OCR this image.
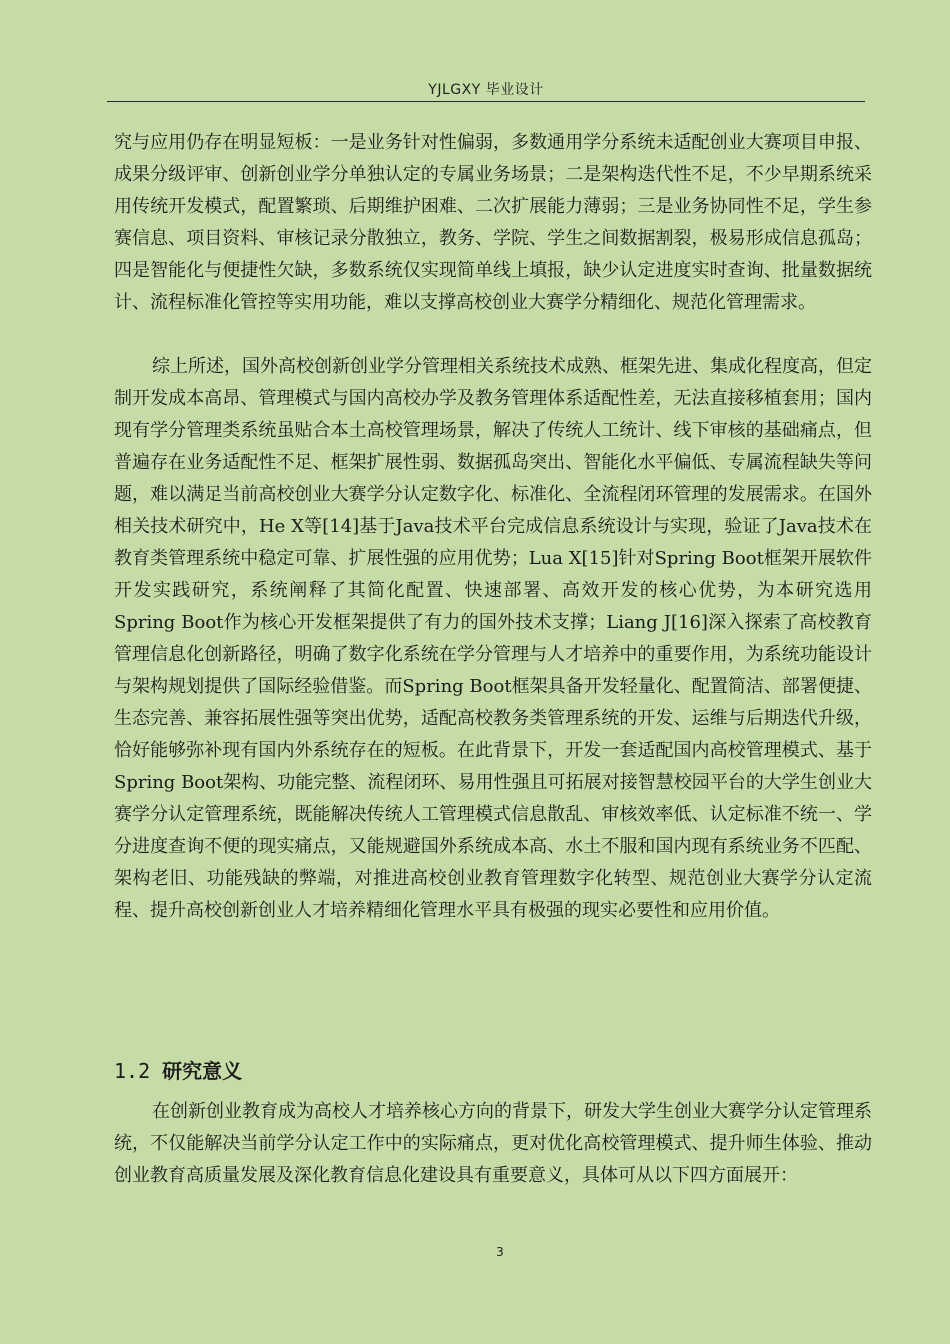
YJLGXY 毕业设计

究与应用仍存在明显短板：一是业务针对性偏弱，多数通用学分系统未适配创业大赛项目申报、成果分级评审、创新创业学分单独认定的专属业务场景；二是架构迭代性不足，不少早期系统采用传统开发模式，配置繁琐、后期维护困难、二次扩展能力薄弱；三是业务协同性不足，学生参赛信息、项目资料、审核记录分散独立，教务、学院、学生之间数据割裂，极易形成信息孤岛；四是智能化与便捷性欠缺，多数系统仅实现简单线上填报，缺少认定进度实时查询、批量数据统计、流程标准化管控等实用功能，难以支撑高校创业大赛学分精细化、规范化管理需求。

综上所述，国外高校创新创业学分管理相关系统技术成熟、框架先进、集成化程度高，但定制开发成本高昂、管理模式与国内高校办学及教务管理体系适配性差，无法直接移植套用；国内现有学分管理类系统虽贴合本土高校管理场景，解决了传统人工统计、线下审核的基础痛点，但普遍存在业务适配性不足、框架扩展性弱、数据孤岛突出、智能化水平偏低、专属流程缺失等问题，难以满足当前高校创业大赛学分认定数字化、标准化、全流程闭环管理的发展需求。在国外相关技术研究中，He X等[14]基于Java技术平台完成信息系统设计与实现，验证了Java技术在教育类管理系统中稳定可靠、扩展性强的应用优势；Lua X[15]针对Spring Boot框架开展软件开发实践研究，系统阐释了其简化配置、快速部署、高效开发的核心优势，为本研究选用Spring Boot作为核心开发框架提供了有力的国外技术支撑；Liang J[16]深入探索了高校教育管理信息化创新路径，明确了数字化系统在学分管理与人才培养中的重要作用，为系统功能设计与架构规划提供了国际经验借鉴。而Spring Boot框架具备开发轻量化、配置简洁、部署便捷、生态完善、兼容拓展性强等突出优势，适配高校教务类管理系统的开发、运维与后期迭代升级，恰好能够弥补现有国内外系统存在的短板。在此背景下，开发一套适配国内高校管理模式、基于Spring Boot架构、功能完整、流程闭环、易用性强且可拓展对接智慧校园平台的大学生创业大赛学分认定管理系统，既能解决传统人工管理模式信息散乱、审核效率低、认定标准不统一、学分进度查询不便的现实痛点，又能规避国外系统成本高、水土不服和国内现有系统业务不匹配、架构老旧、功能残缺的弊端，对推进高校创业教育管理数字化转型、规范创业大赛学分认定流程、提升高校创新创业人才培养精细化管理水平具有极强的现实必要性和应用价值。

1.2 研究意义

在创新创业教育成为高校人才培养核心方向的背景下，研发大学生创业大赛学分认定管理系统，不仅能解决当前学分认定工作中的实际痛点，更对优化高校管理模式、提升师生体验、推动创业教育高质量发展及深化教育信息化建设具有重要意义，具体可从以下四方面展开：

3
